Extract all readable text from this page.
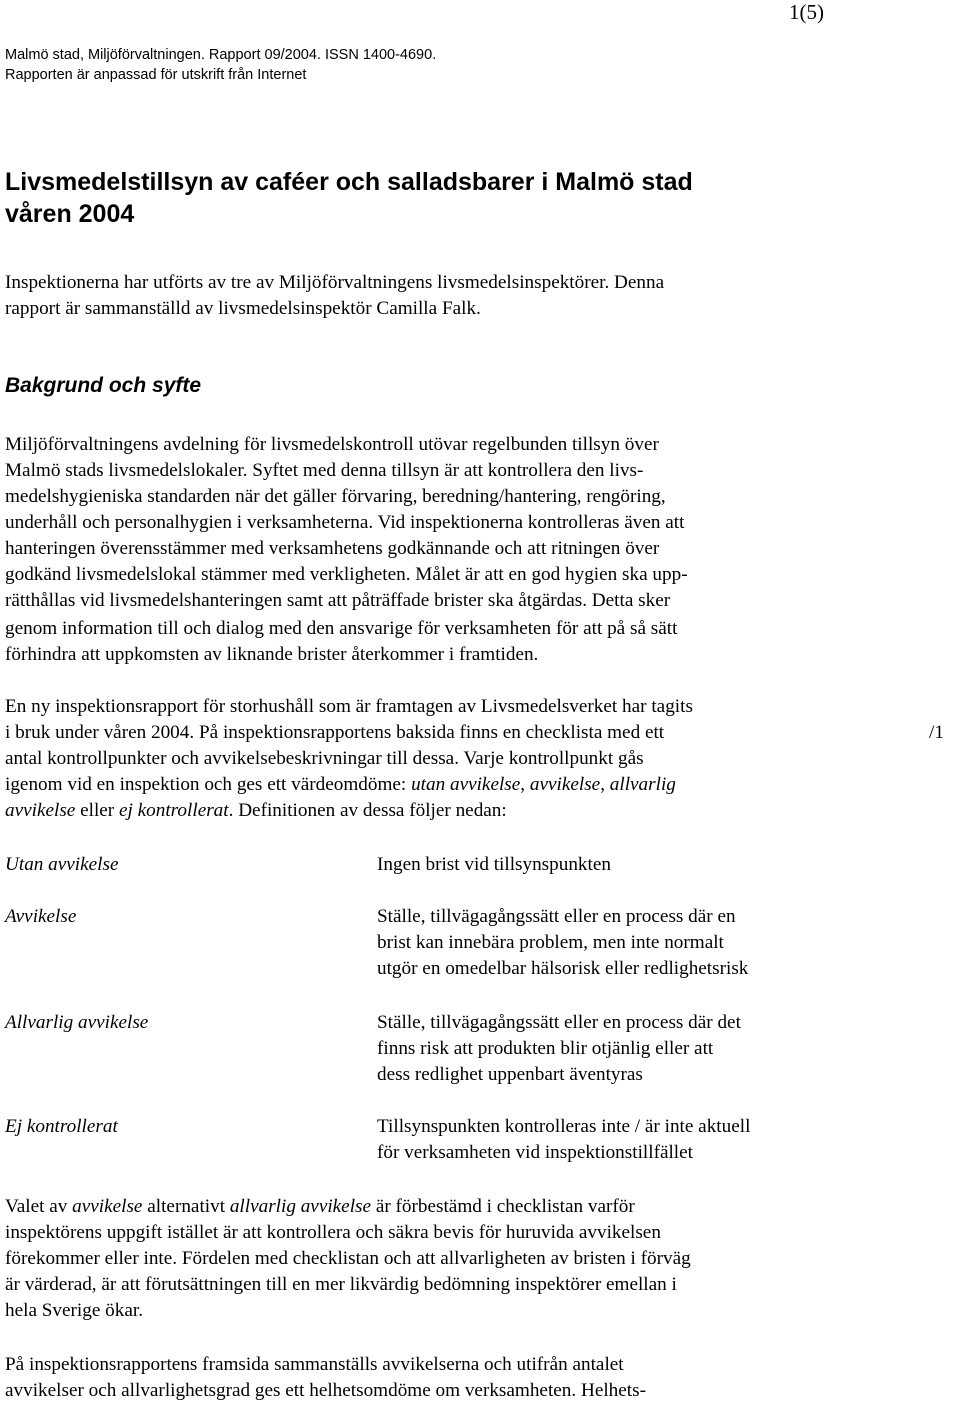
1(5)
Malmö stad, Miljöförvaltningen. Rapport 09/2004. ISSN 1400-4690.
Rapporten är anpassad för utskrift från Internet
Livsmedelstillsyn av caféer och salladsbarer i Malmö stad
våren 2004
Inspektionerna har utförts av tre av Miljöförvaltningens livsmedelsinspektörer. Denna
rapport är sammanställd av livsmedelsinspektör Camilla Falk.
Bakgrund och syfte
Miljöförvaltningens avdelning för livsmedelskontroll utövar regelbunden tillsyn över
Malmö stads livsmedelslokaler. Syftet med denna tillsyn är att kontrollera den livs-
medelshygieniska standarden när det gäller förvaring, beredning/hantering, rengöring,
underhåll och personalhygien i verksamheterna. Vid inspektionerna kontrolleras även att
hanteringen överensstämmer med verksamhetens godkännande och att ritningen över
godkänd livsmedelslokal stämmer med verkligheten. Målet är att en god hygien ska upp-
rätthållas vid livsmedelshanteringen samt att påträffade brister ska åtgärdas. Detta sker
genom information till och dialog med den ansvarige för verksamheten för att på så sätt
förhindra att uppkomsten av liknande brister återkommer i framtiden.
En ny inspektionsrapport för storhushåll som är framtagen av Livsmedelsverket har tagits
i bruk under våren 2004. På inspektionsrapportens baksida finns en checklista med ett	/1
antal kontrollpunkter och avvikelsebeskrivningar till dessa. Varje kontrollpunkt gås
igenom vid en inspektion och ges ett värdeomdöme: utan avvikelse, avvikelse, allvarlig
avvikelse eller ej kontrollerat. Definitionen av dessa följer nedan:
Utan avvikelse	Ingen brist vid tillsynspunkten
Avvikelse	Ställe, tillvägagångssätt eller en process där en
brist kan innebära problem, men inte normalt
utgör en omedelbar hälsorisk eller redlighetsrisk
Allvarlig avvikelse	Ställe, tillvägagångssätt eller en process där det
finns risk att produkten blir otjänlig eller att
dess redlighet uppenbart äventyras
Ej kontrollerat	Tillsynspunkten kontrolleras inte / är inte aktuell
för verksamheten vid inspektionstillfället
Valet av avvikelse alternativt allvarlig avvikelse är förbestämd i checklistan varför
inspektörens uppgift istället är att kontrollera och säkra bevis för huruvida avvikelsen
förekommer eller inte. Fördelen med checklistan och att allvarligheten av bristen i förväg
är värderad, är att förutsättningen till en mer likvärdig bedömning inspektörer emellan i
hela Sverige ökar.
På inspektionsrapportens framsida sammanställs avvikelserna och utifrån antalet
avvikelser och allvarlighetsgrad ges ett helhetsomdöme om verksamheten. Helhets-
